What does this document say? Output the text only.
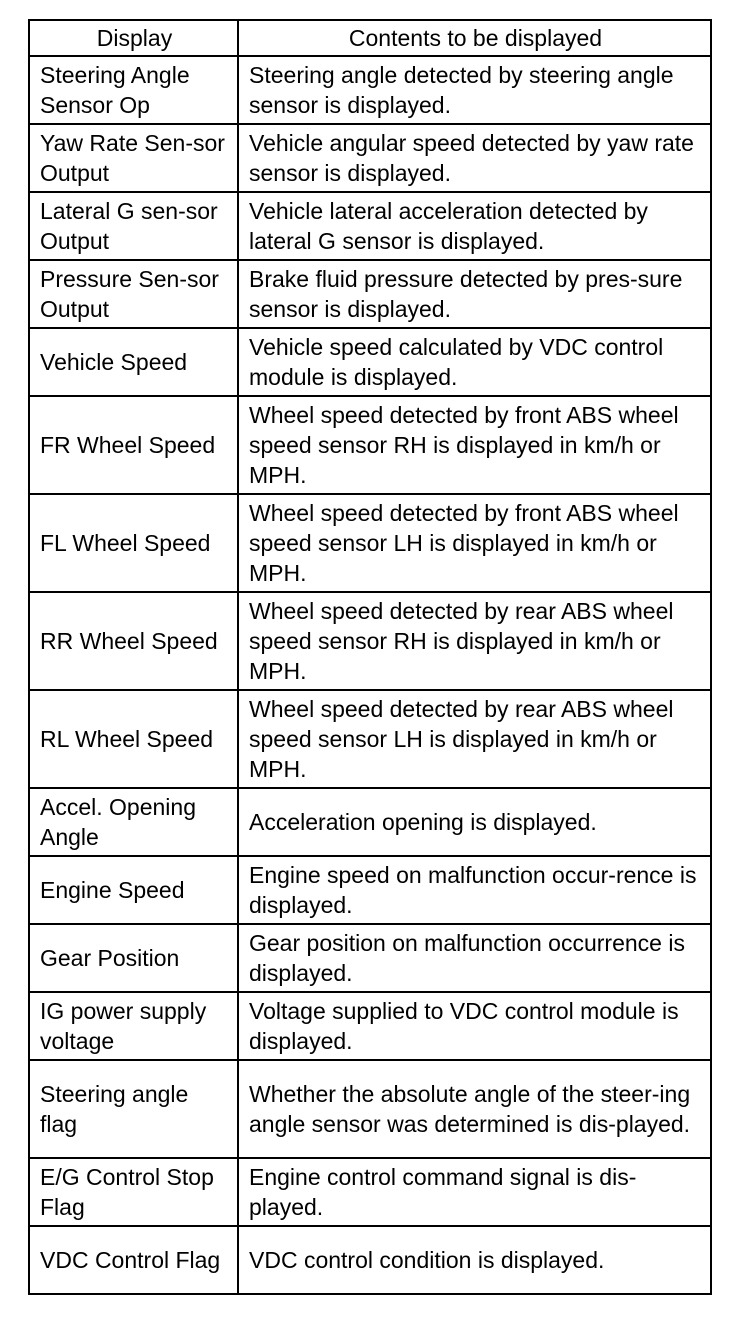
Display	Contents to be displayed
Steering Angle Sensor Op	Steering angle detected by steering angle sensor is displayed.
Yaw Rate Sen-sor Output	Vehicle angular speed detected by yaw rate sensor is displayed.
Lateral G sen-sor Output	Vehicle lateral acceleration detected by lateral G sensor is displayed.
Pressure Sen-sor Output	Brake fluid pressure detected by pres-sure sensor is displayed.
Vehicle Speed	Vehicle speed calculated by VDC control module is displayed.
FR Wheel Speed	Wheel speed detected by front ABS wheel speed sensor RH is displayed in km/h or MPH.
FL Wheel Speed	Wheel speed detected by front ABS wheel speed sensor LH is displayed in km/h or MPH.
RR Wheel Speed	Wheel speed detected by rear ABS wheel speed sensor RH is displayed in km/h or MPH.
RL Wheel Speed	Wheel speed detected by rear ABS wheel speed sensor LH is displayed in km/h or MPH.
Accel. Opening Angle	Acceleration opening is displayed.
Engine Speed	Engine speed on malfunction occur-rence is displayed.
Gear Position	Gear position on malfunction occurrence is displayed.
IG power supply voltage	Voltage supplied to VDC control module is displayed.
Steering angle flag	Whether the absolute angle of the steer-ing angle sensor was determined is dis-played.
E/G Control Stop Flag	Engine control command signal is dis-played.
VDC Control Flag	VDC control condition is displayed.
